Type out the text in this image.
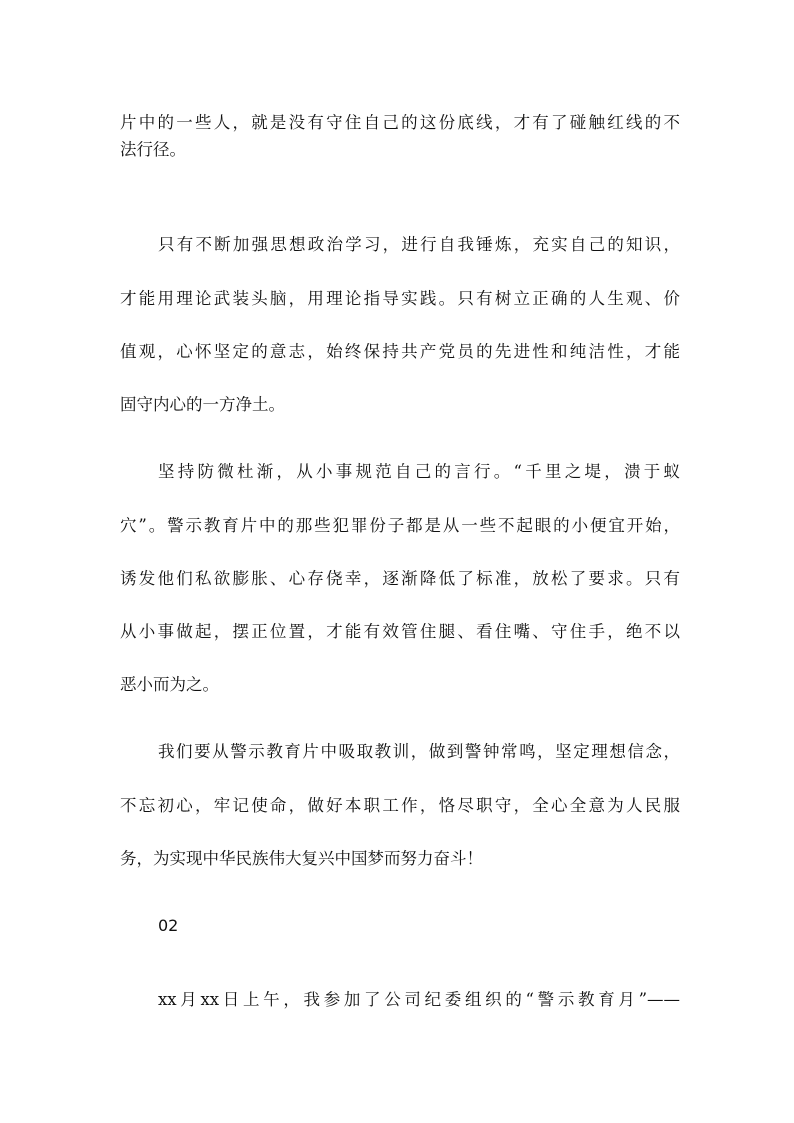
片中的一些人，就是没有守住自己的这份底线，才有了碰触红线的不

法行径。

只有不断加强思想政治学习，进行自我锤炼，充实自己的知识，

才能用理论武装头脑，用理论指导实践。只有树立正确的人生观、价

值观，心怀坚定的意志，始终保持共产党员的先进性和纯洁性，才能

固守内心的一方净土。

坚持防微杜渐，从小事规范自己的言行。“千里之堤，溃于蚁

穴”。警示教育片中的那些犯罪份子都是从一些不起眼的小便宜开始，

诱发他们私欲膨胀、心存侥幸，逐渐降低了标准，放松了要求。只有

从小事做起，摆正位置，才能有效管住腿、看住嘴、守住手，绝不以

恶小而为之。

我们要从警示教育片中吸取教训，做到警钟常鸣，坚定理想信念，

不忘初心，牢记使命，做好本职工作，恪尽职守，全心全意为人民服

务，为实现中华民族伟大复兴中国梦而努力奋斗！

02

xx月xx日上午，我参加了公司纪委组织的“警示教育月”——
